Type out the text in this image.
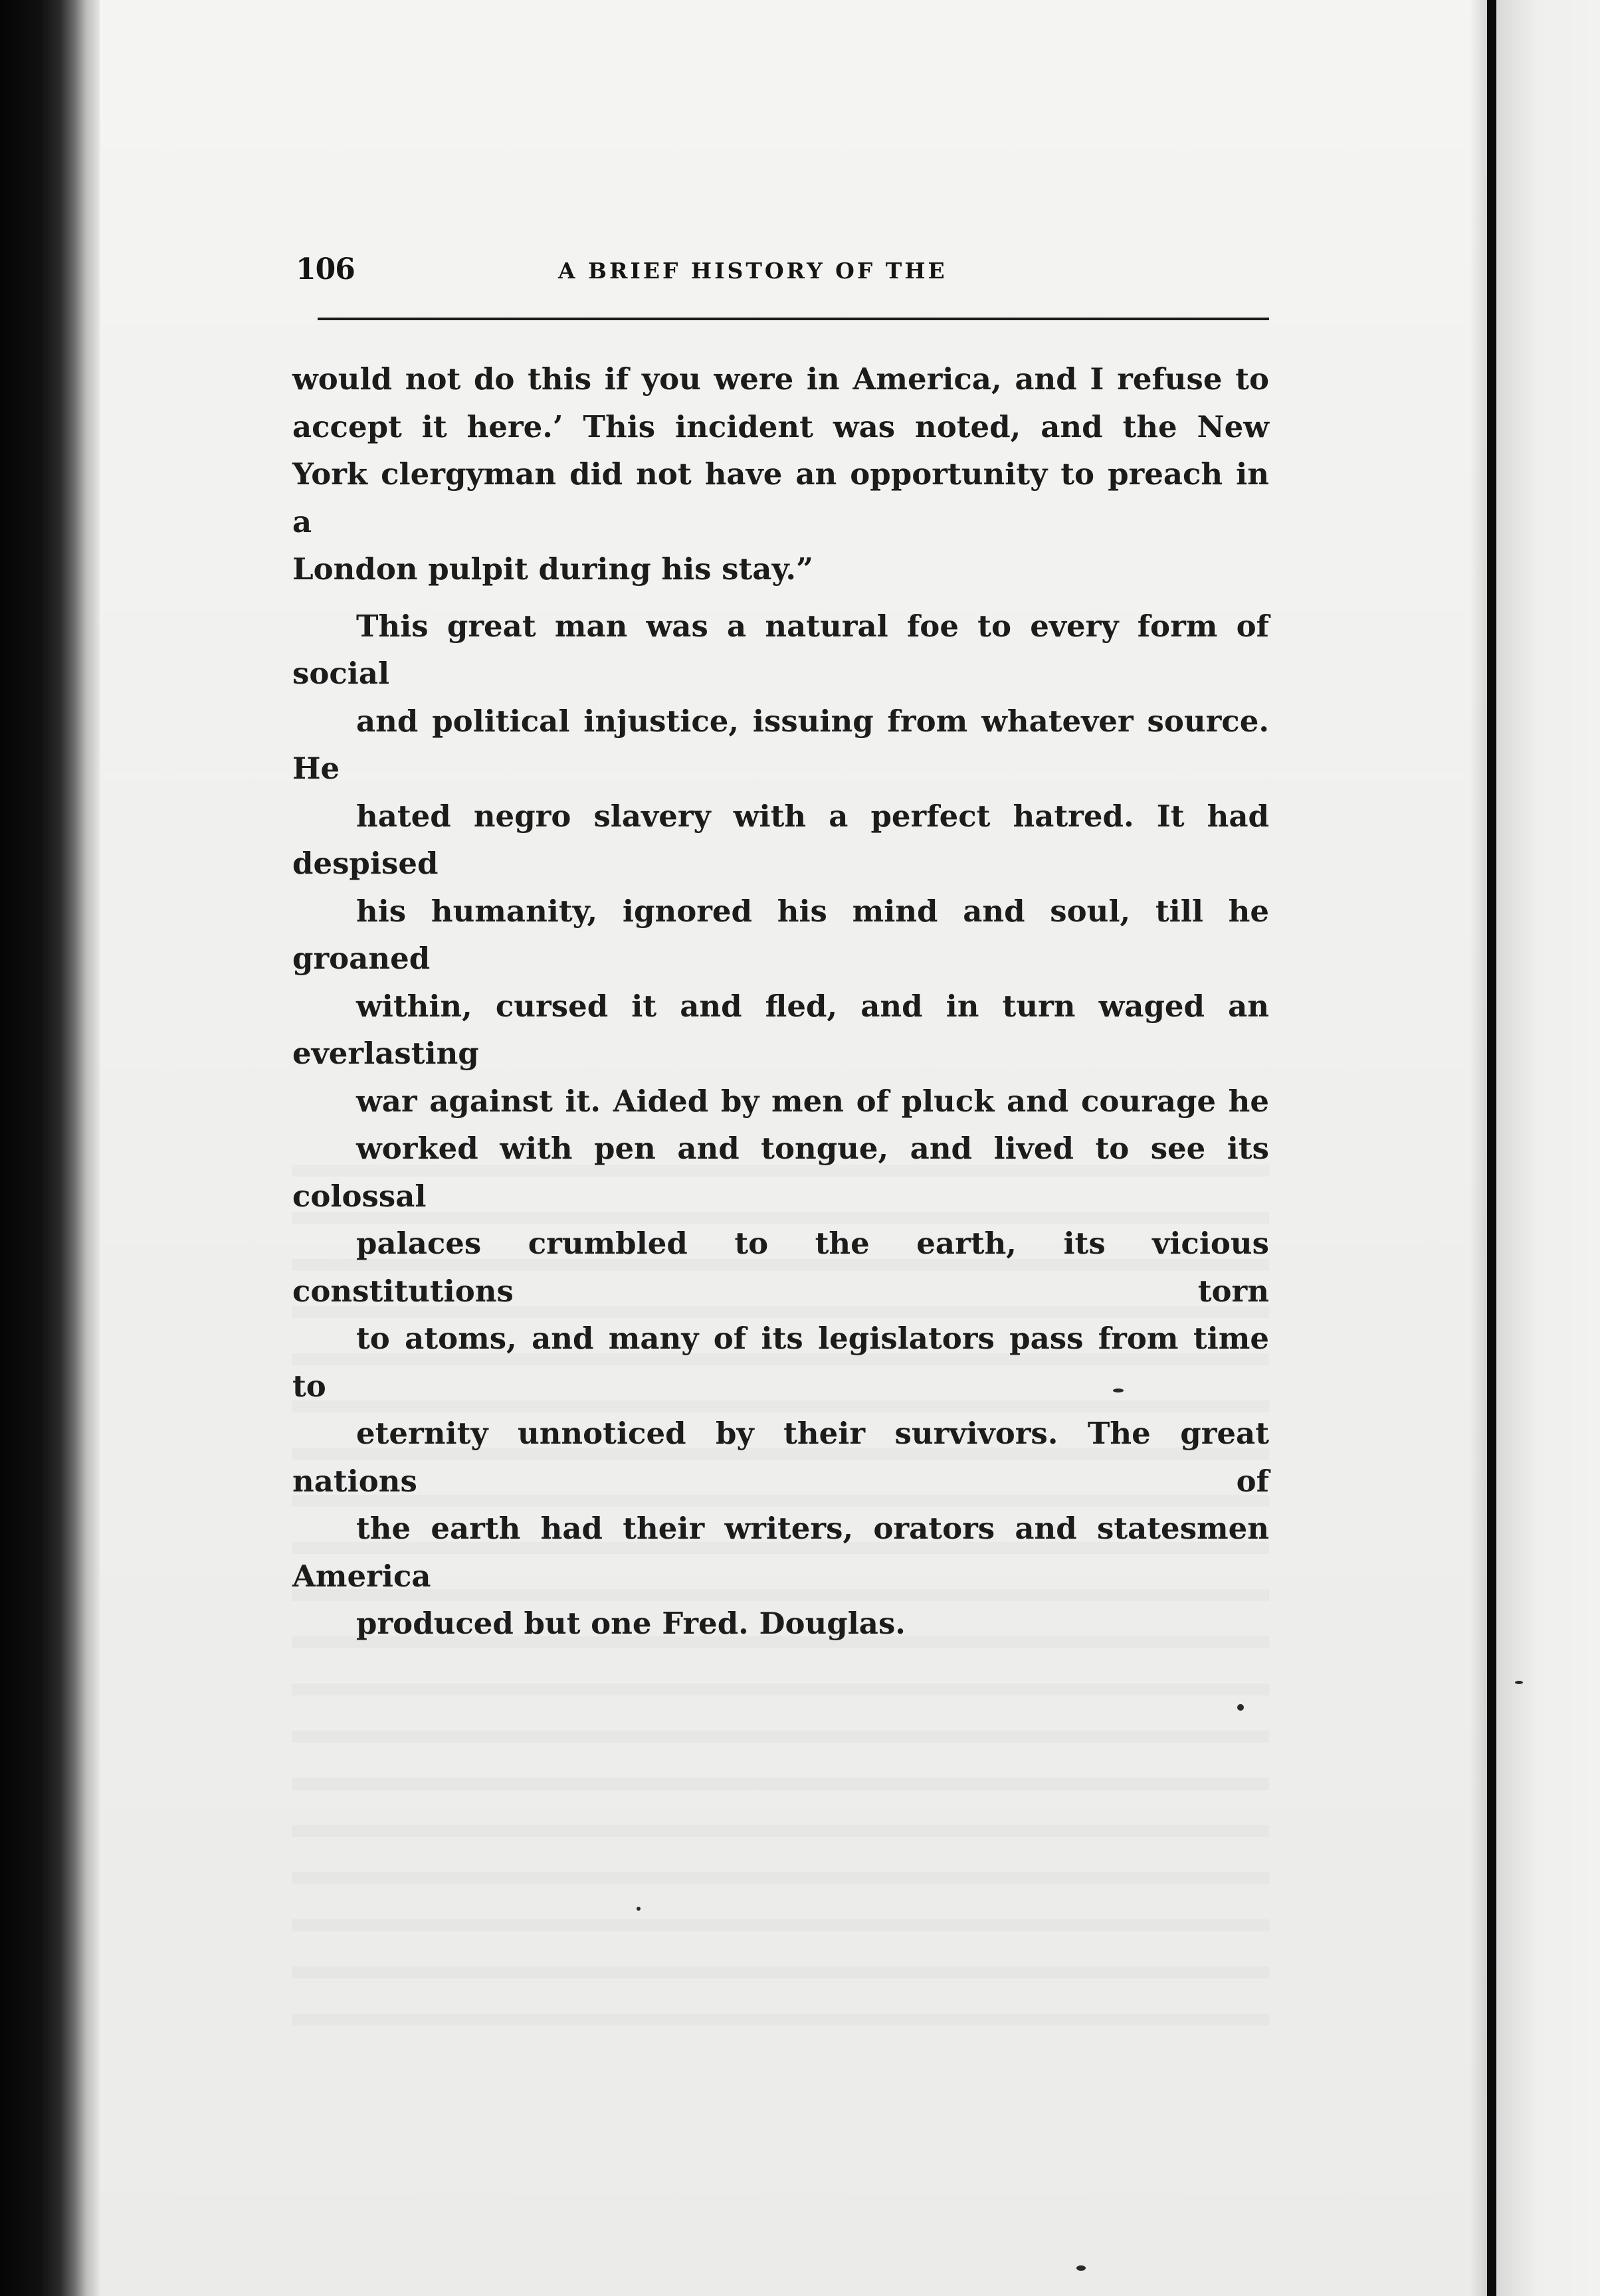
106	A BRIEF HISTORY OF THE

would not do this if you were in America, and I refuse to
accept it here.’ This incident was noted, and the New
York clergyman did not have an opportunity to preach in a
London pulpit during his stay.”

This great man was a natural foe to every form of social
and political injustice, issuing from whatever source. He
hated negro slavery with a perfect hatred. It had despised
his humanity, ignored his mind and soul, till he groaned
within, cursed it and fled, and in turn waged an everlasting
war against it. Aided by men of pluck and courage he
worked with pen and tongue, and lived to see its colossal
palaces crumbled to the earth, its vicious constitutions torn
to atoms, and many of its legislators pass from time to
eternity unnoticed by their survivors. The great nations of
the earth had their writers, orators and statesmen America
produced but one Fred. Douglas.
